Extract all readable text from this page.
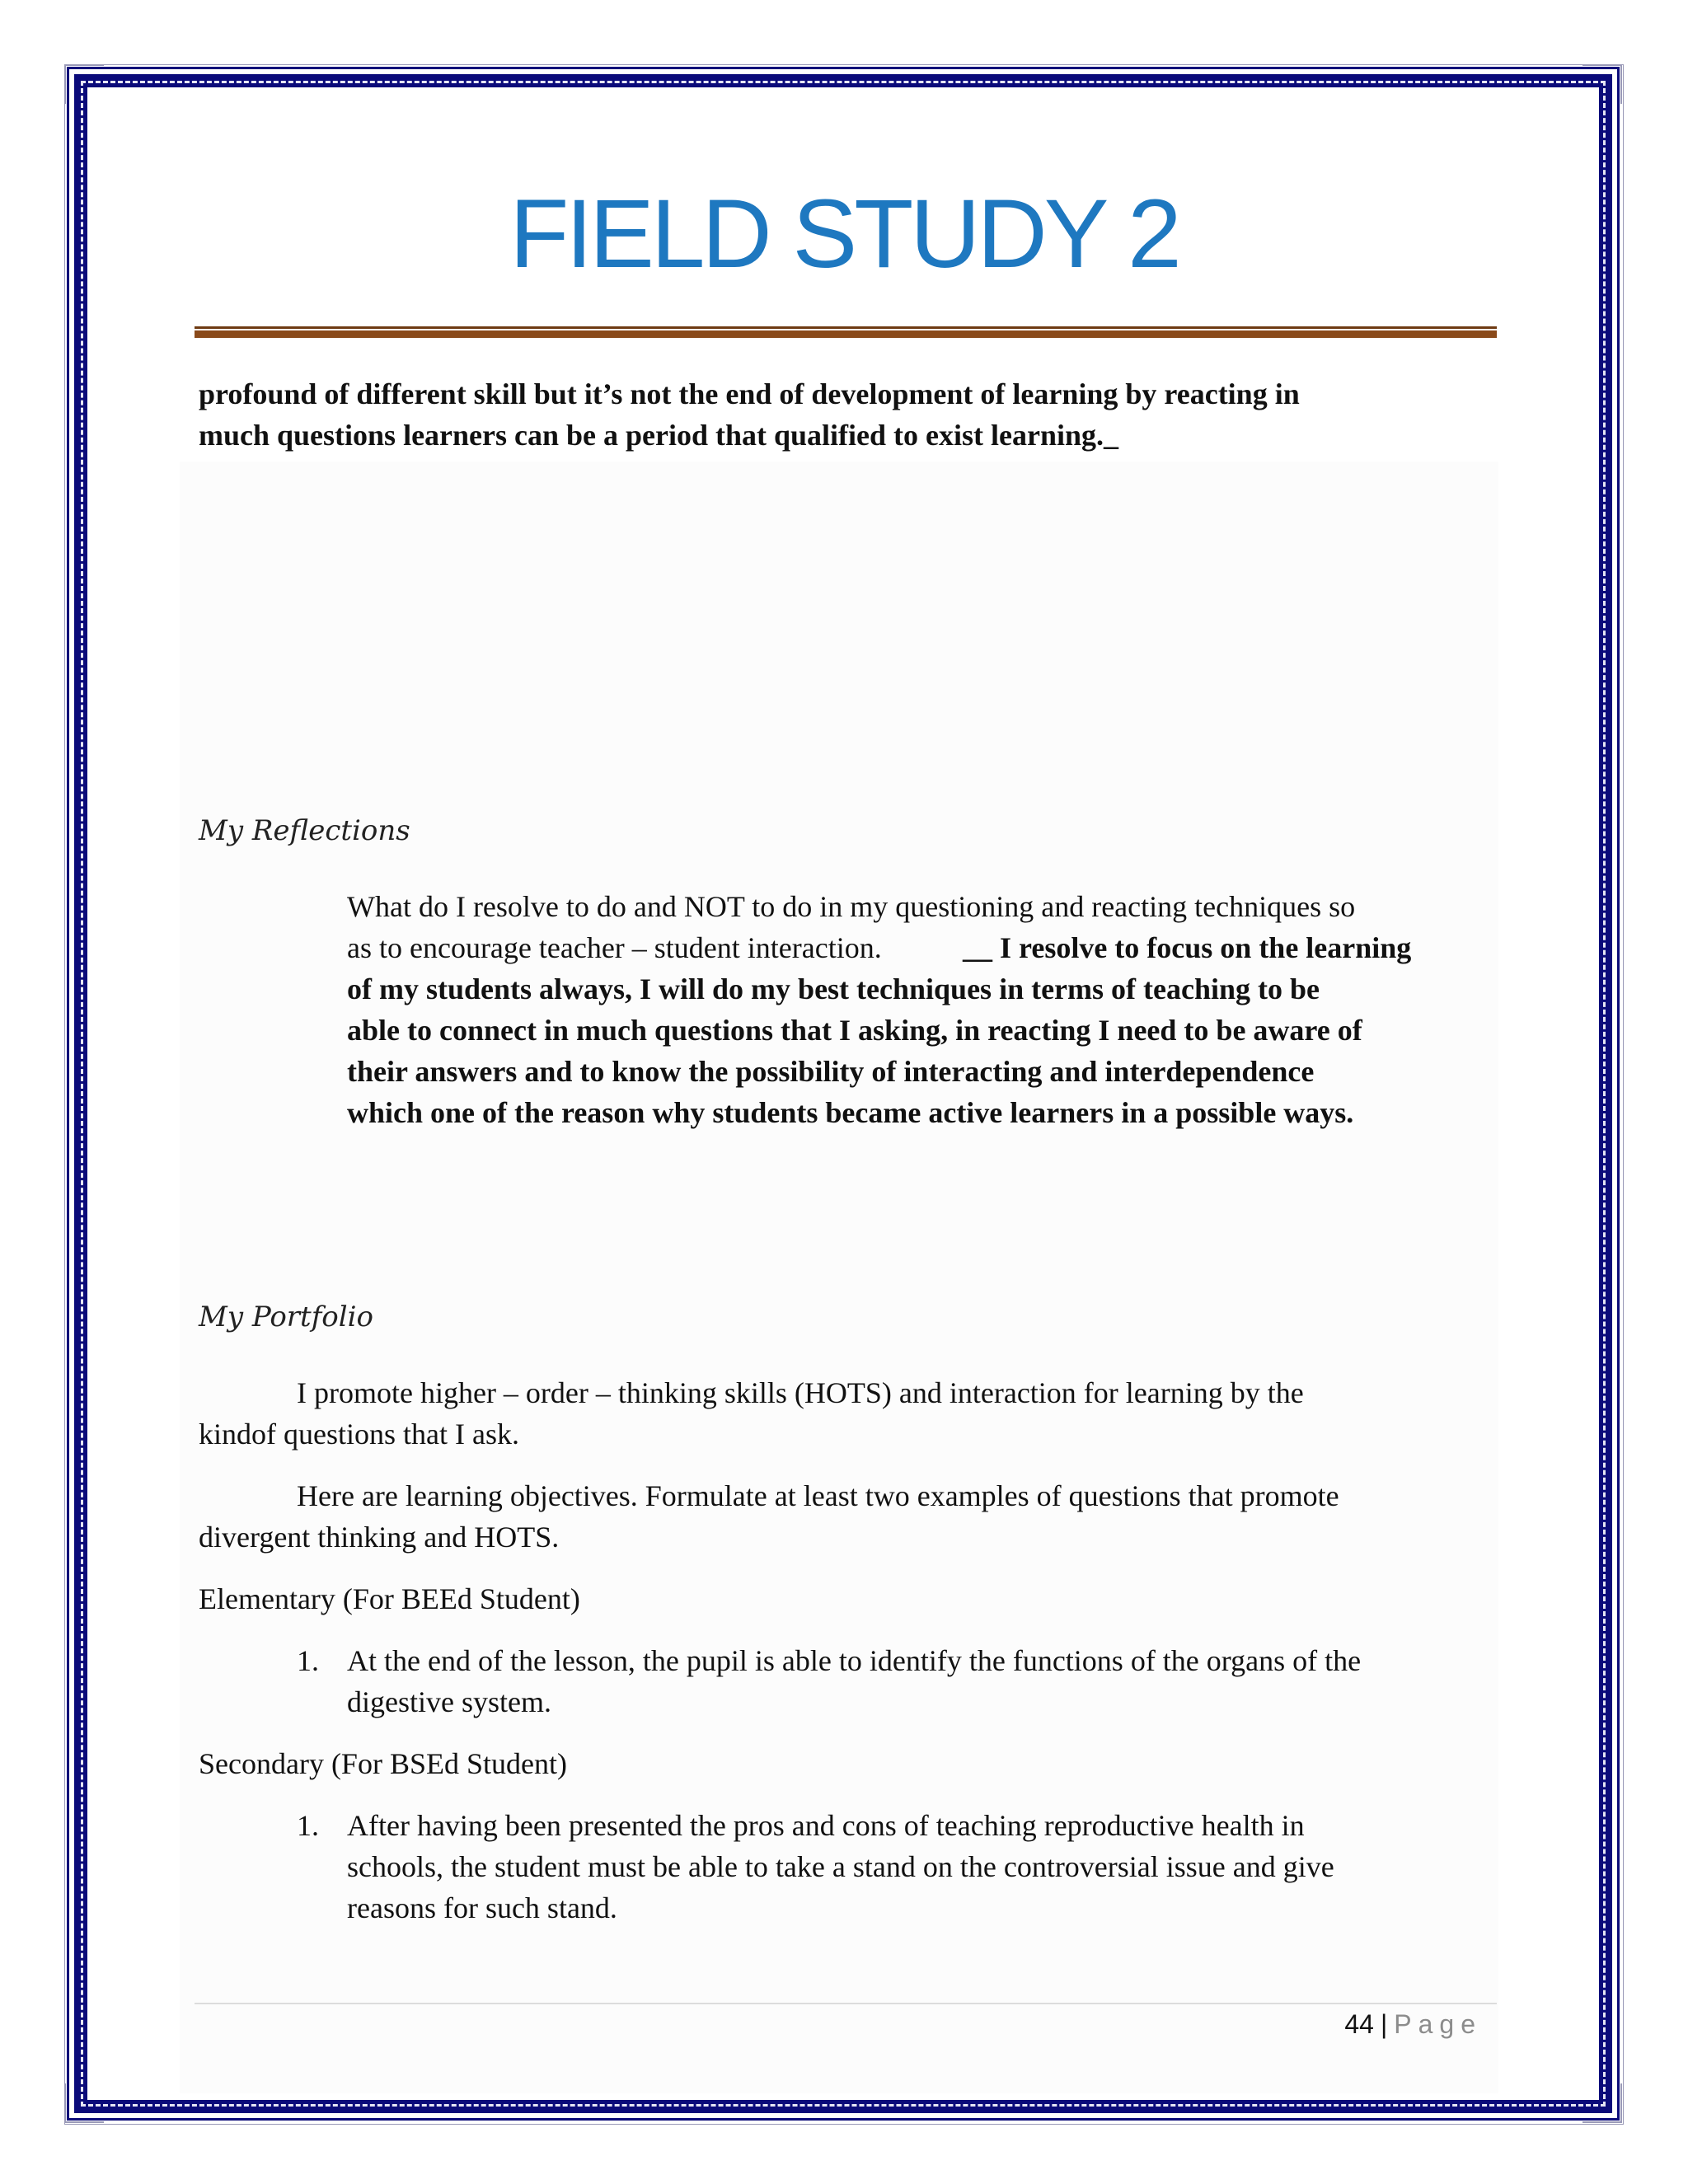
FIELD STUDY 2
profound of different skill but it’s not the end of development of learning by reacting in
much questions learners can be a period that qualified to exist learning._
My Reflections
What do I resolve to do and NOT to do in my questioning and reacting techniques so
as to encourage teacher – student interaction.	__ I resolve to focus on the learning
of my students always, I will do my best techniques in terms of teaching to be
able to connect in much questions that I asking, in reacting I need to be aware of
their answers and to know the possibility of interacting and interdependence
which one of the reason why students became active learners in a possible ways.
My Portfolio
I promote higher – order – thinking skills (HOTS) and interaction for learning by the
kindof questions that I ask.
Here are learning objectives. Formulate at least two examples of questions that promote
divergent thinking and HOTS.
Elementary (For BEEd Student)
1. At the end of the lesson, the pupil is able to identify the functions of the organs of the
digestive system.
Secondary (For BSEd Student)
1. After having been presented the pros and cons of teaching reproductive health in
schools, the student must be able to take a stand on the controversial issue and give
reasons for such stand.
44 | Page
